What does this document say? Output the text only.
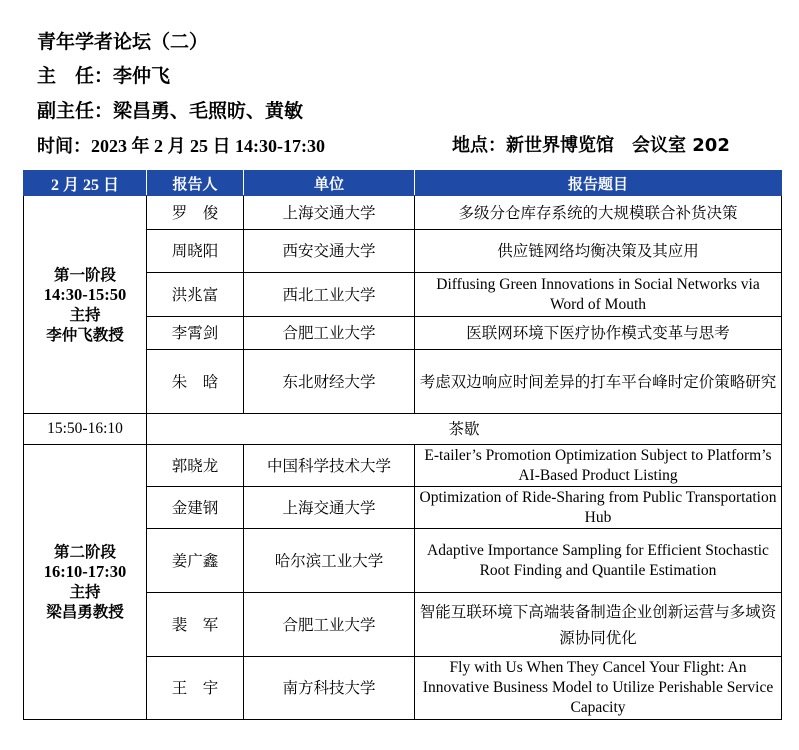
青年学者论坛（二）
主　任：李仲飞
副主任：梁昌勇、毛照昉、黄敏
时间：2023 年 2 月 25 日 14:30-17:30	地点：新世界博览馆　会议室 202
2 月 25 日	报告人	单位	报告题目

第一阶段
14:30-15:50
主持
李仲飞教授	罗　俊	上海交通大学	多级分仓库存系统的大规模联合补货决策
	周晓阳	西安交通大学	供应链网络均衡决策及其应用
	洪兆富	西北工业大学	Diffusing Green Innovations in Social Networks via Word of Mouth
	李霄剑	合肥工业大学	医联网环境下医疗协作模式变革与思考
	朱　晗	东北财经大学	考虑双边响应时间差异的打车平台峰时定价策略研究
15:50-16:10	茶歇		

第二阶段
16:10-17:30
主持
梁昌勇教授	郭晓龙	中国科学技术大学	E-tailer’s Promotion Optimization Subject to Platform’s AI-Based Product Listing
	金建钢	上海交通大学	Optimization of Ride-Sharing from Public Transportation Hub
	姜广鑫	哈尔滨工业大学	Adaptive Importance Sampling for Efficient Stochastic Root Finding and Quantile Estimation
	裴　军	合肥工业大学	智能互联环境下高端装备制造企业创新运营与多域资源协同优化
	王　宇	南方科技大学	Fly with Us When They Cancel Your Flight: An Innovative Business Model to Utilize Perishable Service Capacity
